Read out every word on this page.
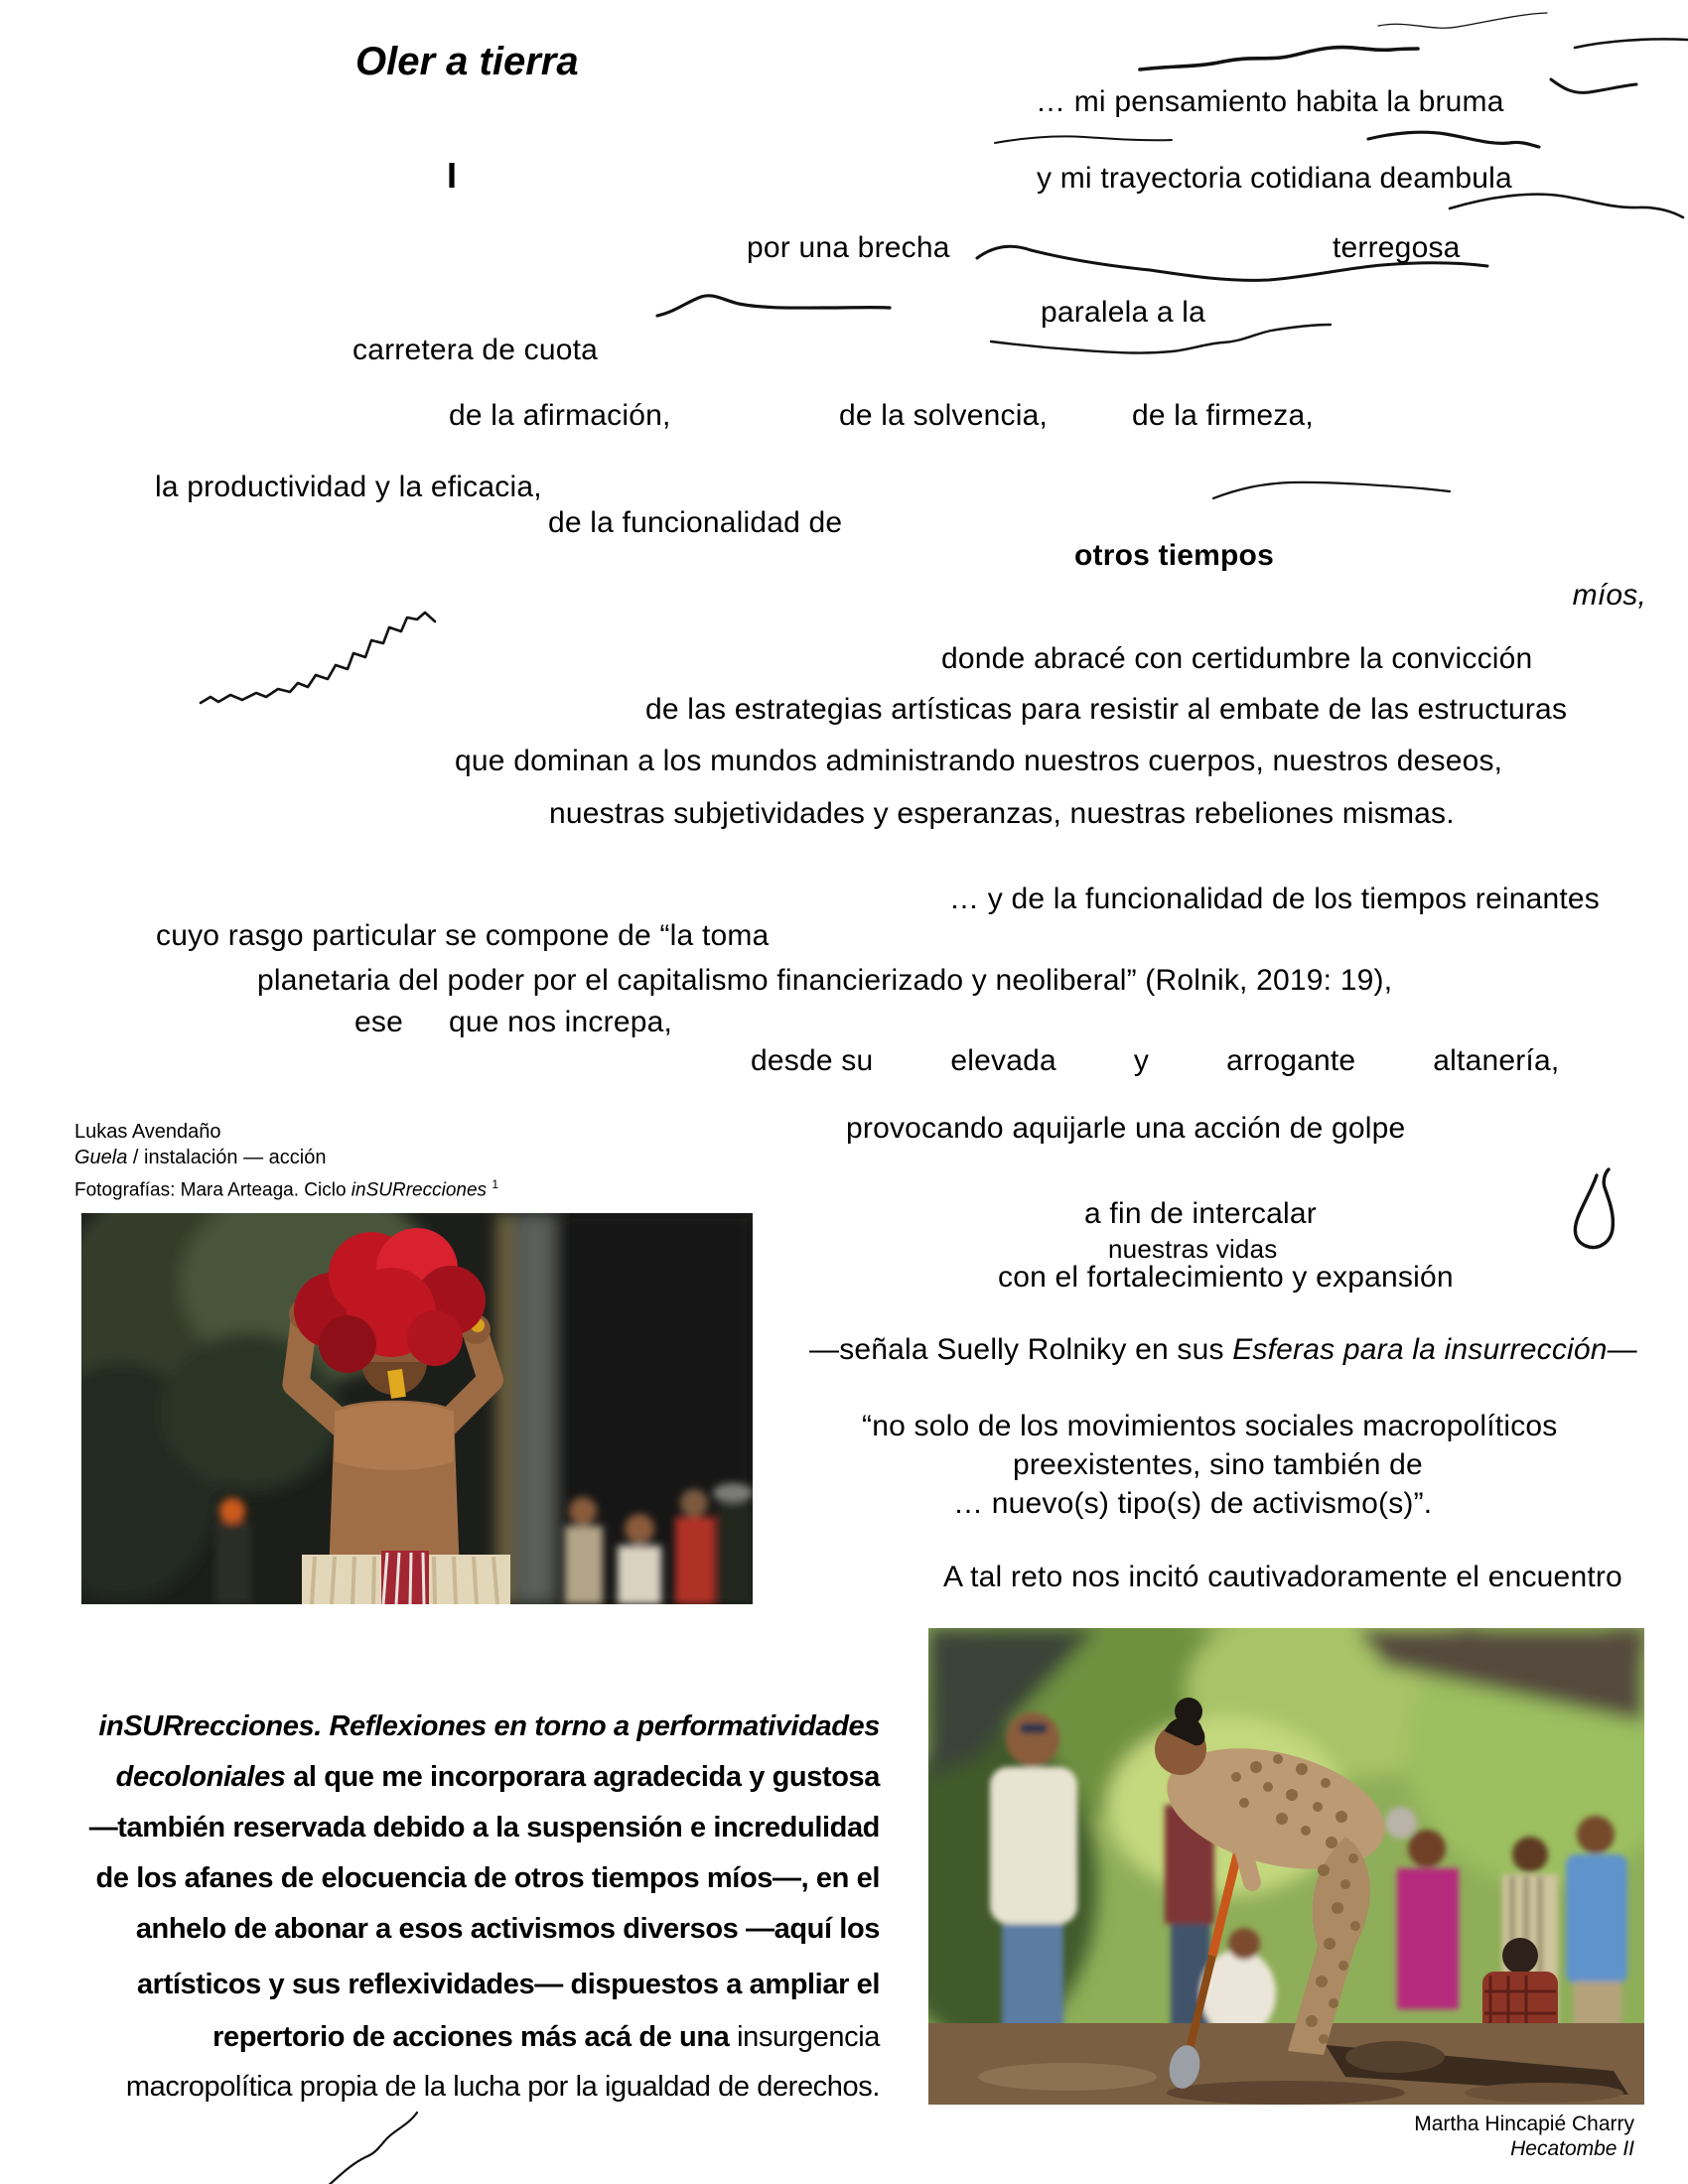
Oler a tierra
I
… mi pensamiento habita la bruma
y mi trayectoria cotidiana deambula
por una brecha	terregosa
paralela a la
carretera de cuota
de la afirmación,	de la solvencia,	de la firmeza,
la productividad y la eficacia,
de la funcionalidad de
otros tiempos
míos,
donde abracé con certidumbre la convicción
de las estrategias artísticas para resistir al embate de las estructuras
que dominan a los mundos administrando nuestros cuerpos, nuestros deseos,
nuestras subjetividades y esperanzas, nuestras rebeliones mismas.
… y de la funcionalidad de los tiempos reinantes
cuyo rasgo particular se compone de “la toma
planetaria del poder por el capitalismo financierizado y neoliberal” (Rolnik, 2019: 19),
ese que nos increpa,
desde su	elevada	y	arrogante	altanería,
provocando aquijarle una acción de golpe
Lukas Avendaño
Guela / instalación — acción
Fotografías: Mara Arteaga. Ciclo inSURrecciones $^1$
a fin de intercalar
nuestras vidas
con el fortalecimiento y expansión
—señala Suelly Rolniky en sus Esferas para la insurrección—
“no solo de los movimientos sociales macropolíticos
preexistentes, sino también de
… nuevo(s) tipo(s) de activismo(s)”.
A tal reto nos incitó cautivadoramente el encuentro
inSURrecciones. Reflexiones en torno a performatividades
decoloniales al que me incorporara agradecida y gustosa
—también reservada debido a la suspensión e incredulidad
de los afanes de elocuencia de otros tiempos míos—, en el
anhelo de abonar a esos activismos diversos —aquí los
artísticos y sus reflexividades— dispuestos a ampliar el
repertorio de acciones más acá de una insurgencia
macropolítica propia de la lucha por la igualdad de derechos.
Martha Hincapié Charry
Hecatombe II
